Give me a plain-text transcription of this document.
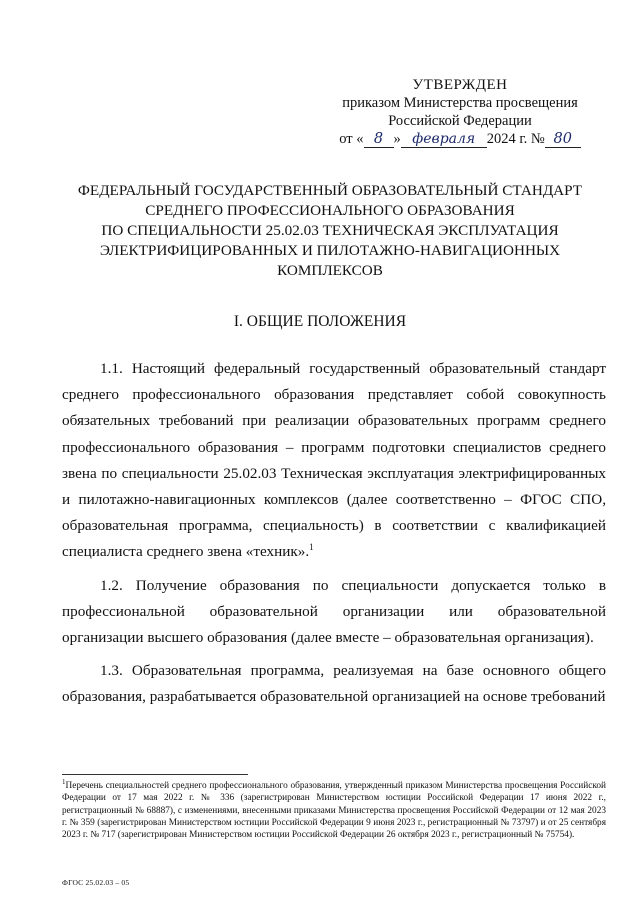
УТВЕРЖДЕН
приказом Министерства просвещения
Российской Федерации
от « 8 » февраля 2024 г. № 80
ФЕДЕРАЛЬНЫЙ ГОСУДАРСТВЕННЫЙ ОБРАЗОВАТЕЛЬНЫЙ СТАНДАРТ
СРЕДНЕГО ПРОФЕССИОНАЛЬНОГО ОБРАЗОВАНИЯ
ПО СПЕЦИАЛЬНОСТИ 25.02.03 ТЕХНИЧЕСКАЯ ЭКСПЛУАТАЦИЯ
ЭЛЕКТРИФИЦИРОВАННЫХ И ПИЛОТАЖНО-НАВИГАЦИОННЫХ
КОМПЛЕКСОВ
I. ОБЩИЕ ПОЛОЖЕНИЯ

1.1. Настоящий федеральный государственный образовательный стандарт среднего профессионального образования представляет собой совокупность обязательных требований при реализации образовательных программ среднего профессионального образования – программ подготовки специалистов среднего звена по специальности 25.02.03 Техническая эксплуатация электрифицированных и пилотажно-навигационных комплексов (далее соответственно – ФГОС СПО, образовательная программа, специальность) в соответствии с квалификацией специалиста среднего звена «техник».$^1$

1.2. Получение образования по специальности допускается только в профессиональной образовательной организации или образовательной организации высшего образования (далее вместе – образовательная организация).

1.3. Образовательная программа, реализуемая на базе основного общего образования, разрабатывается образовательной организацией на основе требований

$^1$Перечень специальностей среднего профессионального образования, утвержденный приказом Министерства просвещения Российской Федерации от 17 мая 2022 г. № 336 (зарегистрирован Министерством юстиции Российской Федерации 17 июня 2022 г., регистрационный № 68887), с изменениями, внесенными приказами Министерства просвещения Российской Федерации от 12 мая 2023 г. № 359 (зарегистрирован Министерством юстиции Российской Федерации 9 июня 2023 г., регистрационный № 73797) и от 25 сентября 2023 г. № 717 (зарегистрирован Министерством юстиции Российской Федерации 26 октября 2023 г., регистрационный № 75754).
ФГОС 25.02.03 – 05
